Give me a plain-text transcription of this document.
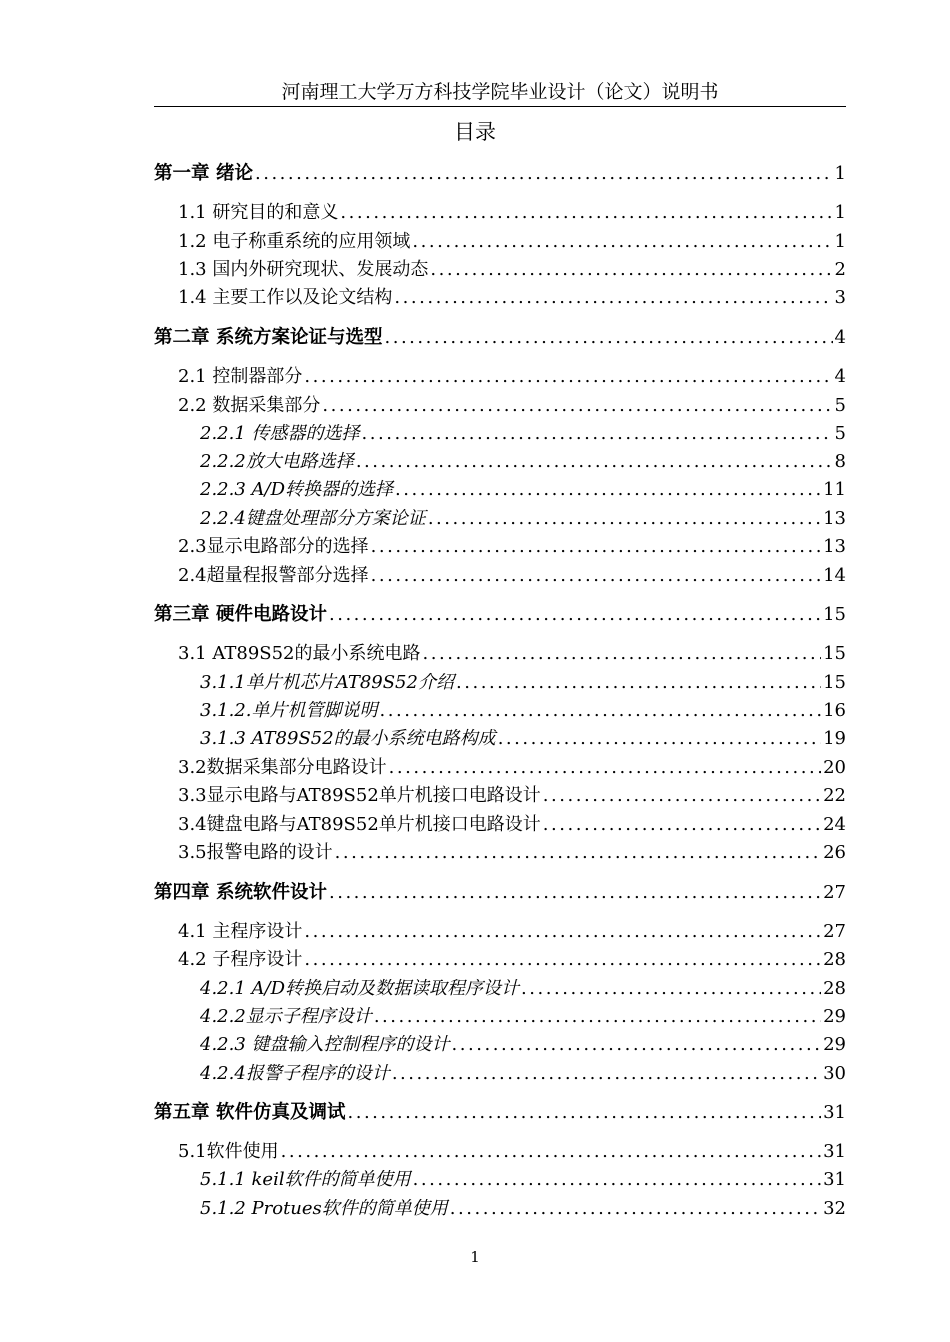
河南理工大学万方科技学院毕业设计（论文）说明书
目录
第一章 绪论 . . .	1
1.1 研究目的和意义 . . .	1
1.2 电子称重系统的应用领域 . . .	1
1.3 国内外研究现状、发展动态 . . .	2
1.4 主要工作以及论文结构 . . .	3
第二章 系统方案论证与选型 . . .	4
2.1 控制器部分 . . .	4
2.2 数据采集部分 . . .	5
2.2.1 传感器的选择 . . .	5
2.2.2放大电路选择 . . .	8
2.2.3 A/D转换器的选择 . . .	11
2.2.4键盘处理部分方案论证 . . .	13
2.3显示电路部分的选择 . . .	13
2.4超量程报警部分选择 . . .	14
第三章 硬件电路设计 . . .	15
3.1 AT89S52的最小系统电路 . . .	15
3.1.1单片机芯片AT89S52介绍 . . .	15
3.1.2.单片机管脚说明 . . .	16
3.1.3 AT89S52的最小系统电路构成 . . .	19
3.2数据采集部分电路设计 . . .	20
3.3显示电路与AT89S52单片机接口电路设计 . . .	22
3.4键盘电路与AT89S52单片机接口电路设计 . . .	24
3.5报警电路的设计 . . .	26
第四章 系统软件设计 . . .	27
4.1 主程序设计 . . .	27
4.2 子程序设计 . . .	28
4.2.1 A/D转换启动及数据读取程序设计 . . .	28
4.2.2显示子程序设计 . . .	29
4.2.3 键盘输入控制程序的设计 . . .	29
4.2.4报警子程序的设计 . . .	30
第五章 软件仿真及调试 . . .	31
5.1软件使用 . . .	31
5.1.1 keil软件的简单使用 . . .	31
5.1.2 Protues软件的简单使用 . . .	32
1
